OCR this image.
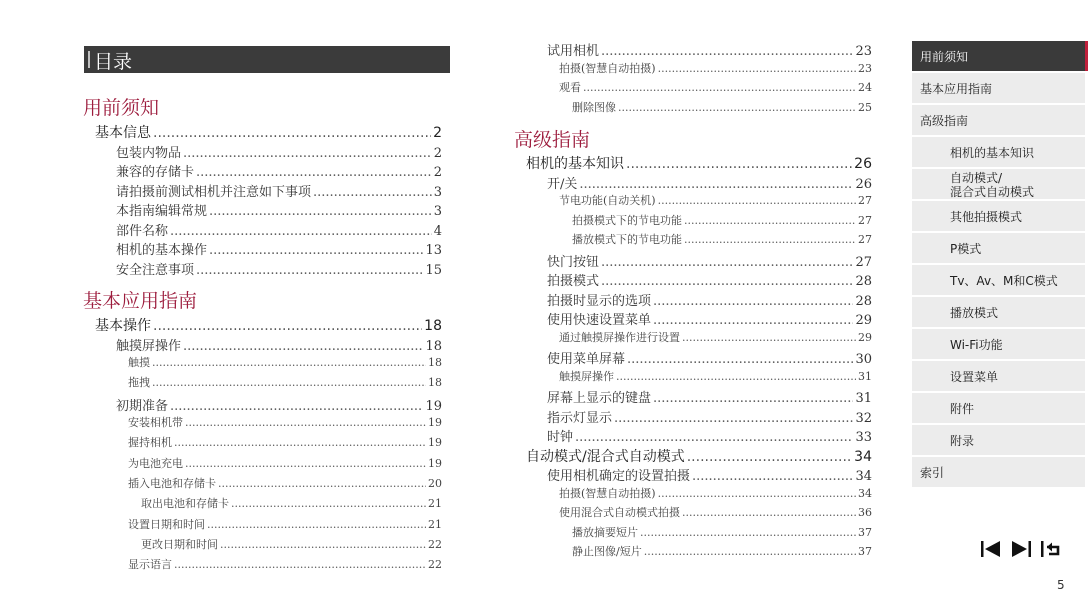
目录
用前须知
基本信息 .....	2
包装内物品 .....	2
兼容的存储卡 .....	2
请拍摄前测试相机并注意如下事项 .....	3
本指南编辑常规 .....	3
部件名称 .....	4
相机的基本操作 .....	13
安全注意事项 .....	15
基本应用指南
基本操作 .....	18
触摸屏操作 .....	18
触摸 .....	18
拖拽 .....	18
初期准备 .....	19
安装相机带 .....	19
握持相机 .....	19
为电池充电 .....	19
插入电池和存储卡 .....	20
取出电池和存储卡 .....	21
设置日期和时间 .....	21
更改日期和时间 .....	22
显示语言 .....	22
试用相机 .....	23
拍摄(智慧自动拍摄) .....	23
观看 .....	24
删除图像 .....	25
高级指南
相机的基本知识 .....	26
开/关 .....	26
节电功能(自动关机) .....	27
拍摄模式下的节电功能 .....	27
播放模式下的节电功能 .....	27
快门按钮 .....	27
拍摄模式 .....	28
拍摄时显示的选项 .....	28
使用快速设置菜单 .....	29
通过触摸屏操作进行设置 .....	29
使用菜单屏幕 .....	30
触摸屏操作 .....	31
屏幕上显示的键盘 .....	31
指示灯显示 .....	32
时钟 .....	33
自动模式/混合式自动模式 .....	34
使用相机确定的设置拍摄 .....	34
拍摄(智慧自动拍摄) .....	34
使用混合式自动模式拍摄 .....	36
播放摘要短片 .....	37
静止图像/短片 .....	37
用前须知
基本应用指南
高级指南
相机的基本知识
自动模式/
混合式自动模式
其他拍摄模式
P模式
Tv、Av、M和C模式
播放模式
Wi-Fi功能
设置菜单
附件
附录
索引
5
